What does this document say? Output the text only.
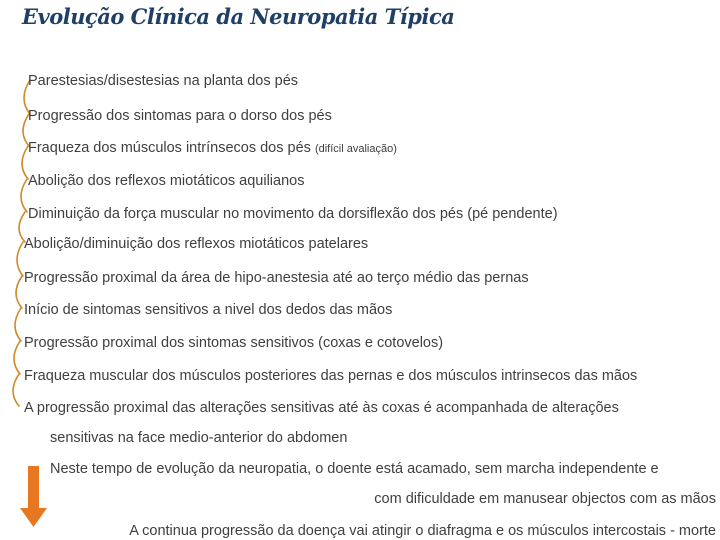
Evolução Clínica da Neuropatia Típica
Parestesias/disestesias na planta dos pés
Progressão dos sintomas para o dorso dos pés
Fraqueza dos músculos intrínsecos dos pés (difícil avaliação)
Abolição dos reflexos miotáticos aquilianos
Diminuição da força muscular no movimento da dorsiflexão dos pés (pé pendente)
Abolição/diminuição dos reflexos miotáticos patelares
Progressão proximal da área de hipo-anestesia até ao terço médio das pernas
Início de sintomas sensitivos a nivel dos dedos das mãos
Progressão proximal dos sintomas sensitivos (coxas e cotovelos)
Fraqueza muscular dos músculos posteriores das pernas e dos músculos intrinsecos das mãos
A progressão proximal das alterações sensitivas até às coxas é acompanhada de alterações
sensitivas na face medio-anterior do abdomen
Neste tempo de evolução da neuropatia, o doente está acamado, sem marcha independente e
com dificuldade em manusear objectos com as mãos
A continua progressão da doença vai atingir o diafragma e os músculos intercostais - morte
